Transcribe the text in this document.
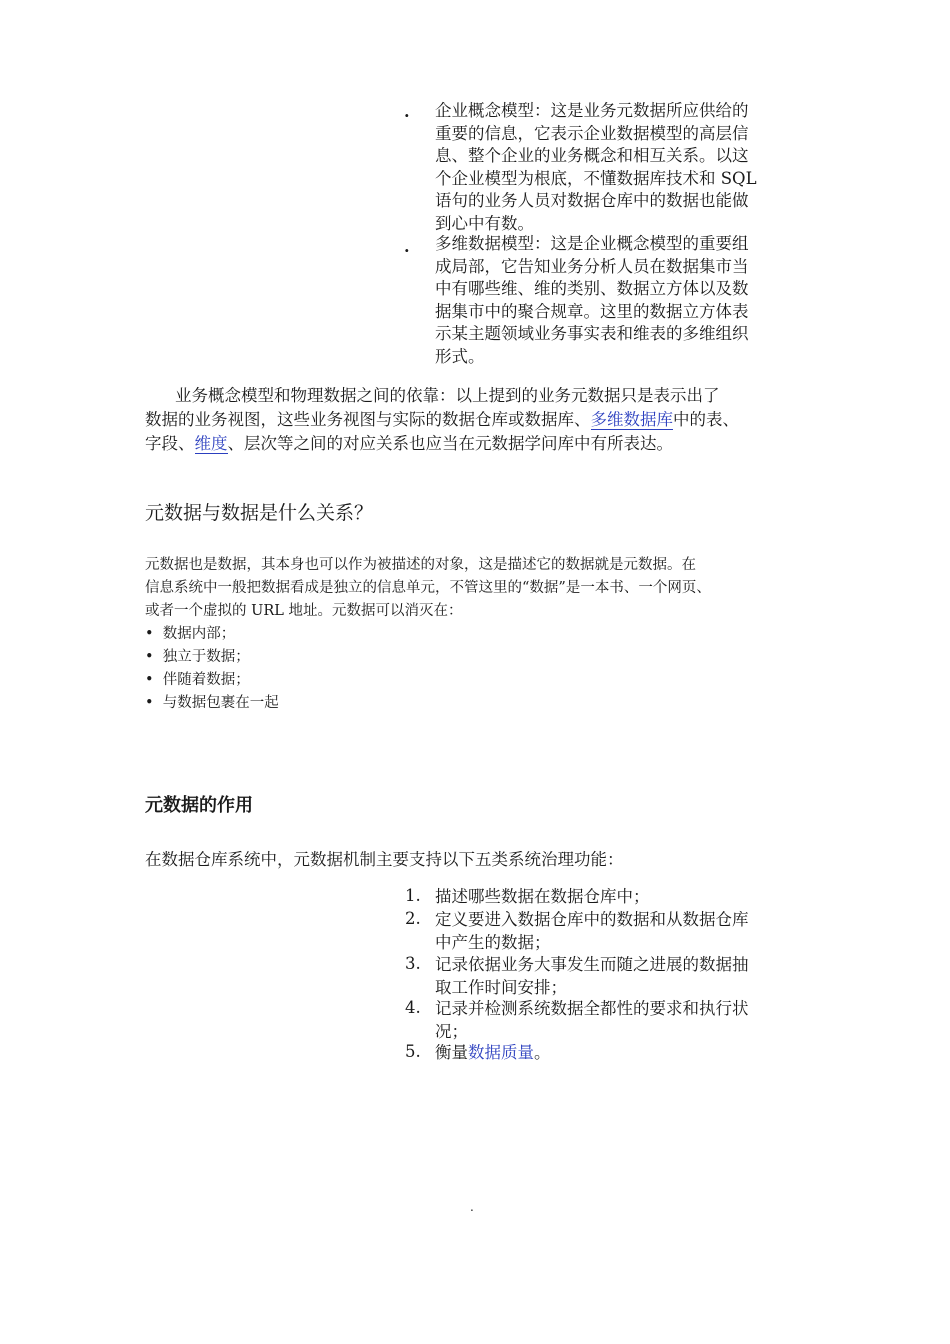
. 企业概念模型：这是业务元数据所应供给的
重要的信息，它表示企业数据模型的高层信
息、整个企业的业务概念和相互关系。以这
个企业模型为根底，不懂数据库技术和 SQL
语句的业务人员对数据仓库中的数据也能做
到心中有数。
. 多维数据模型：这是企业概念模型的重要组
成局部，它告知业务分析人员在数据集市当
中有哪些维、维的类别、数据立方体以及数
据集市中的聚合规章。这里的数据立方体表
示某主题领域业务事实表和维表的多维组织
形式。
业务概念模型和物理数据之间的依靠：以上提到的业务元数据只是表示出了
数据的业务视图，这些业务视图与实际的数据仓库或数据库、多维数据库中的表、
字段、维度、层次等之间的对应关系也应当在元数据学问库中有所表达。
元数据与数据是什么关系？
元数据也是数据，其本身也可以作为被描述的对象，这是描述它的数据就是元数据。在
信息系统中一般把数据看成是独立的信息单元，不管这里的“数据”是一本书、一个网页、
或者一个虚拟的 URL 地址。元数据可以消灭在：
• 数据内部；
• 独立于数据；
• 伴随着数据；
• 与数据包裹在一起
元数据的作用
在数据仓库系统中，元数据机制主要支持以下五类系统治理功能：
1. 描述哪些数据在数据仓库中；
2. 定义要进入数据仓库中的数据和从数据仓库
中产生的数据；
3. 记录依据业务大事发生而随之进展的数据抽
取工作时间安排；
4. 记录并检测系统数据全都性的要求和执行状
况；
5. 衡量数据质量。
.
